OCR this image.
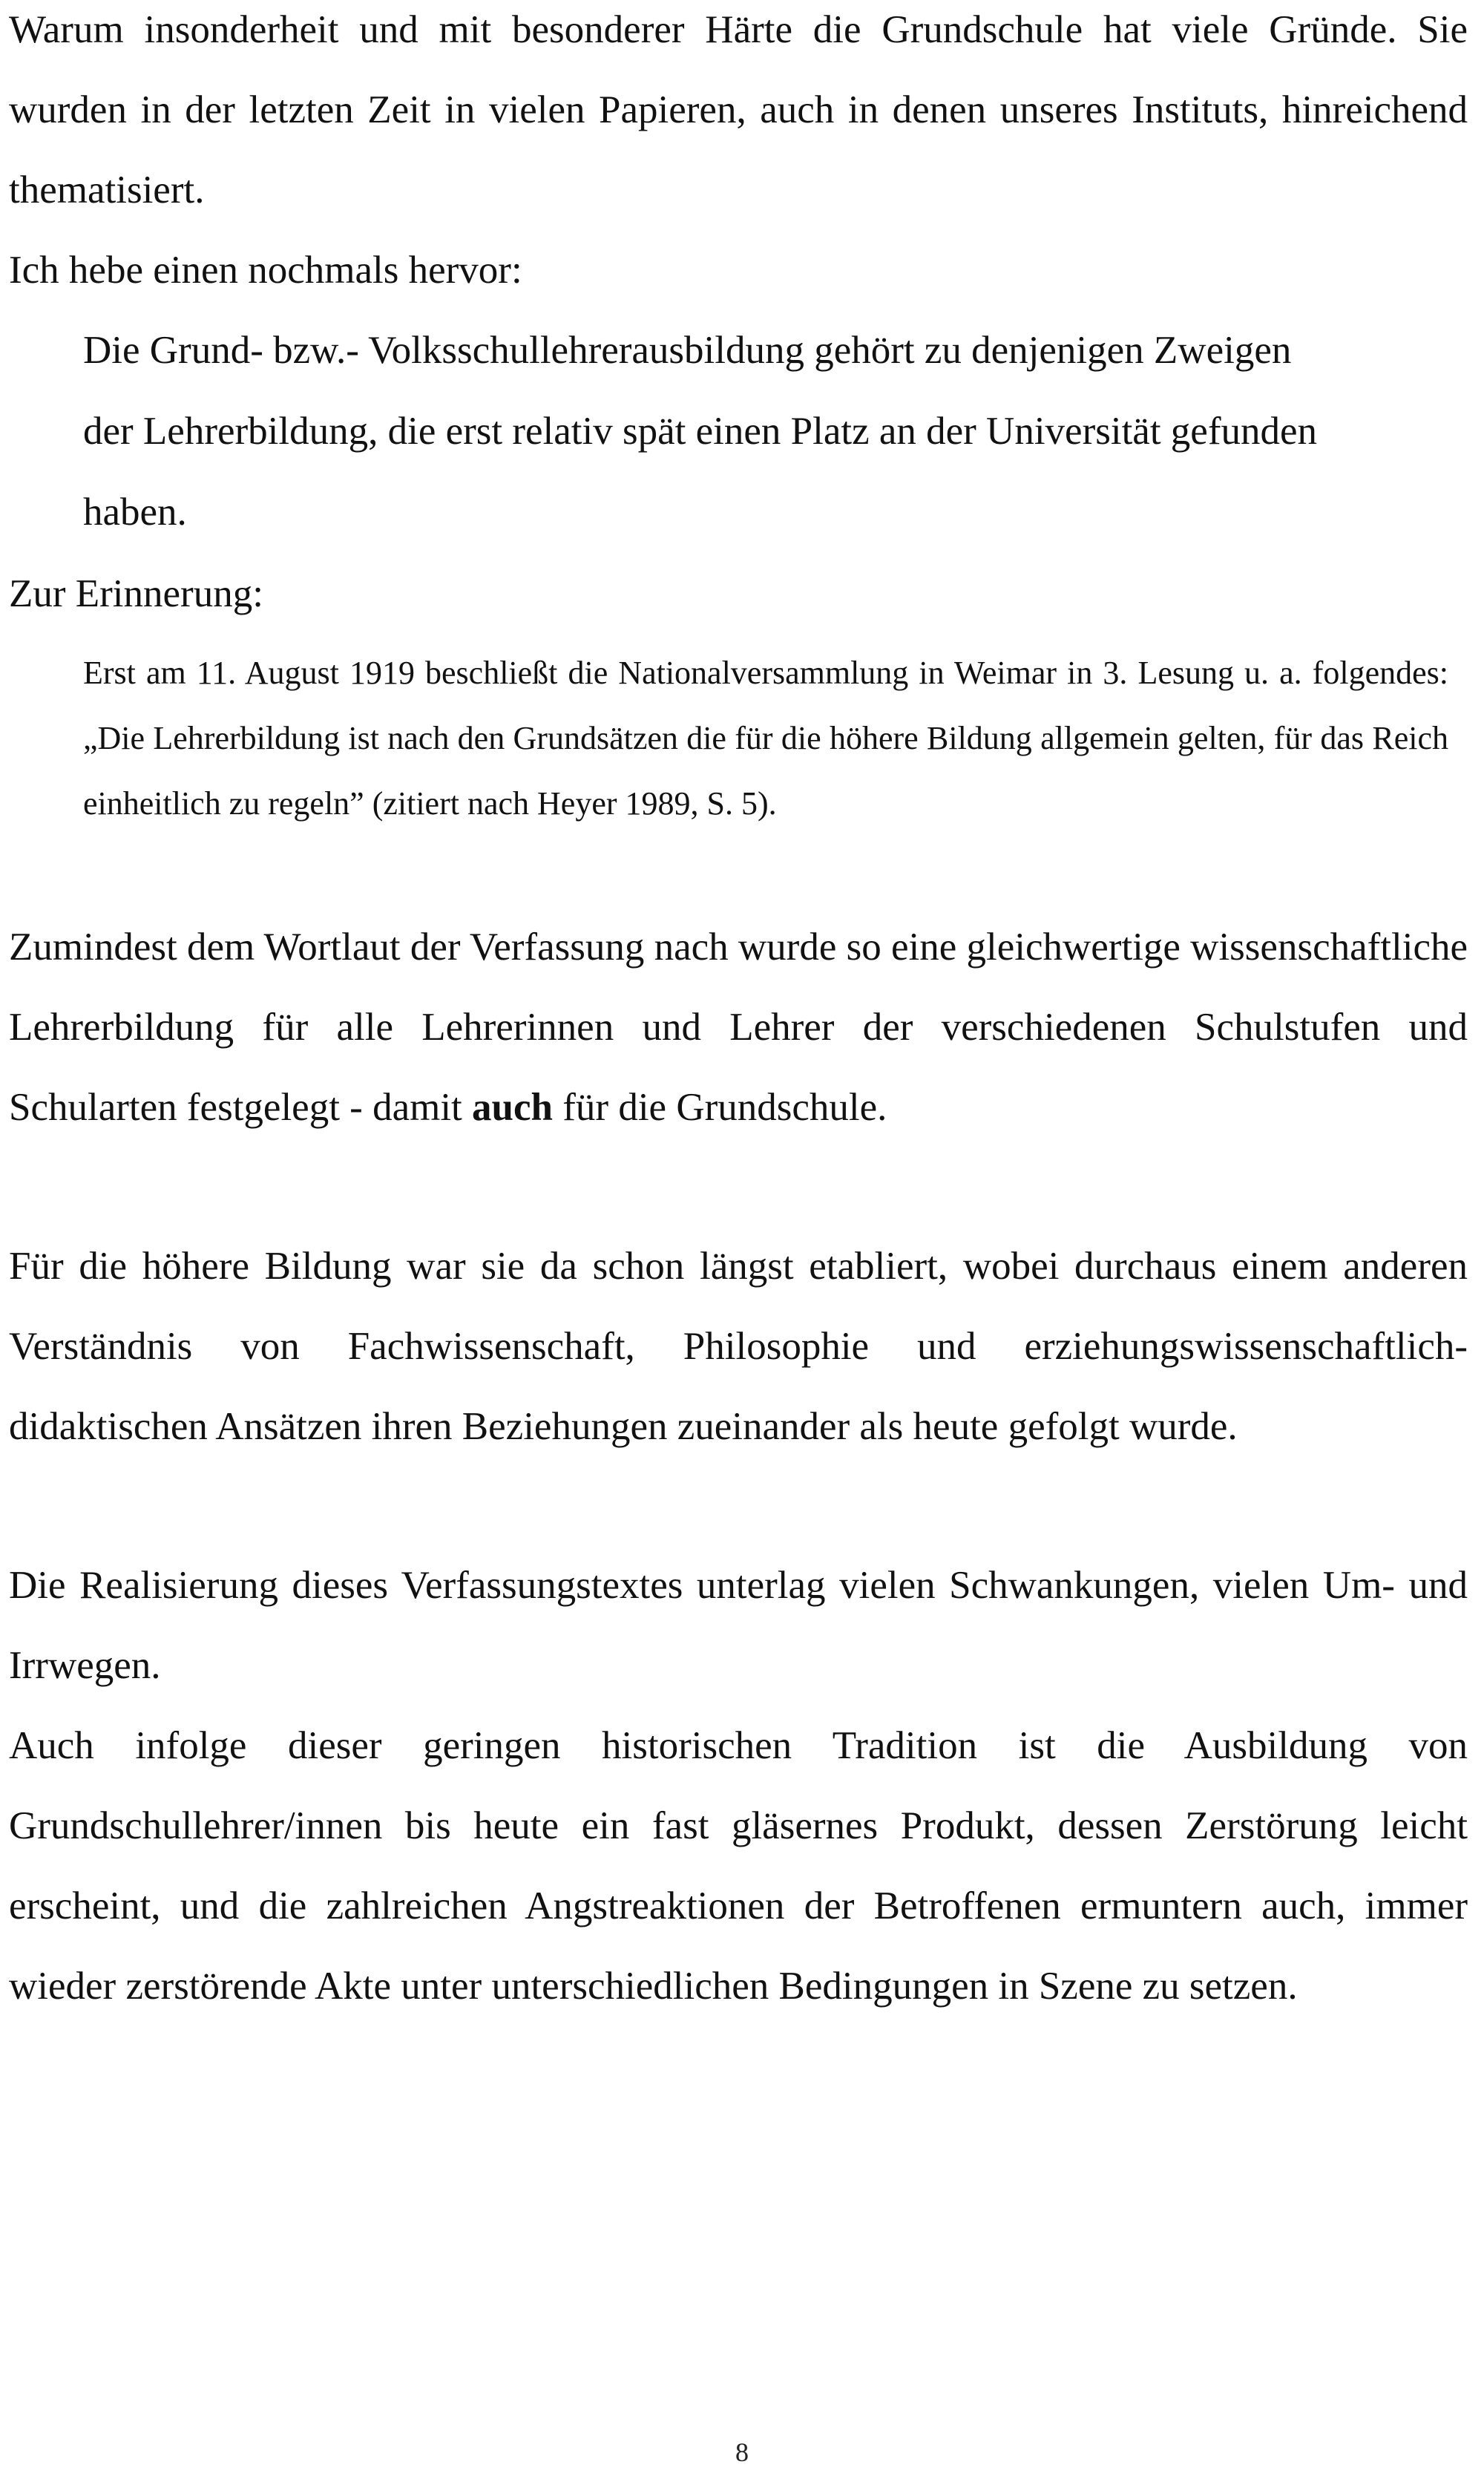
Warum insonderheit und mit besonderer Härte die Grundschule hat viele Gründe. Sie wurden in der letzten Zeit in vielen Papieren, auch in denen unseres Instituts, hinreichend thematisiert.

Ich hebe einen nochmals hervor:

Die Grund- bzw.- Volksschullehrerausbildung gehört zu denjenigen Zweigen der Lehrerbildung, die erst relativ spät einen Platz an der Universität gefunden haben.

Zur Erinnerung:

Erst am 11. August 1919 beschließt die Nationalversammlung in Weimar in 3. Lesung u. a. folgendes: „Die Lehrerbildung ist nach den Grundsätzen die für die höhere Bildung allgemein gelten, für das Reich einheitlich zu regeln” (zitiert nach Heyer 1989, S. 5).

Zumindest dem Wortlaut der Verfassung nach wurde so eine gleichwertige wissenschaftliche Lehrerbildung für alle Lehrerinnen und Lehrer der verschiedenen Schulstufen und Schularten festgelegt - damit auch für die Grundschule.

Für die höhere Bildung war sie da schon längst etabliert, wobei durchaus einem anderen Verständnis von Fachwissenschaft, Philosophie und erziehungswissenschaftlich-didaktischen Ansätzen ihren Beziehungen zueinander als heute gefolgt wurde.

Die Realisierung dieses Verfassungstextes unterlag vielen Schwankungen, vielen Um- und Irrwegen.

Auch infolge dieser geringen historischen Tradition ist die Ausbildung von Grundschullehrer/innen bis heute ein fast gläsernes Produkt, dessen Zerstörung leicht erscheint, und die zahlreichen Angstreaktionen der Betroffenen ermuntern auch, immer wieder zerstörende Akte unter unterschiedlichen Bedingungen in Szene zu setzen.

8
